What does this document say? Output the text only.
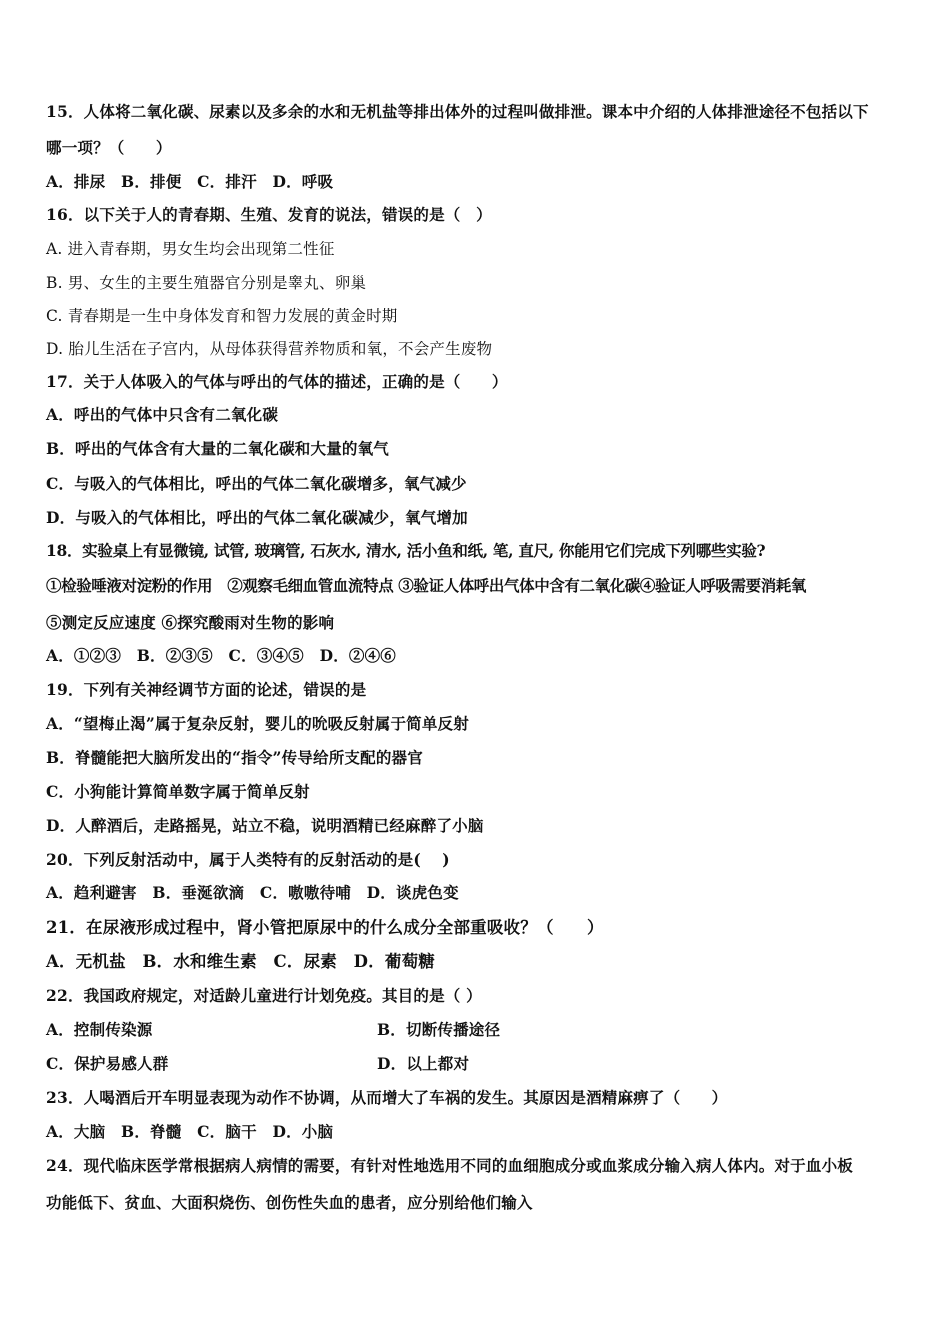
15．人体将二氧化碳、尿素以及多余的水和无机盐等排出体外的过程叫做排泄。课本中介绍的人体排泄途径不包括以下
哪一项？（　　）
A．排尿　B．排便　C．排汗　D．呼吸
16．以下关于人的青春期、生殖、发育的说法，错误的是（　）
A. 进入青春期，男女生均会出现第二性征
B. 男、女生的主要生殖器官分别是睾丸、卵巢
C. 青春期是一生中身体发育和智力发展的黄金时期
D. 胎儿生活在子宫内，从母体获得营养物质和氧，不会产生废物
17．关于人体吸入的气体与呼出的气体的描述，正确的是（　　）
A．呼出的气体中只含有二氧化碳
B．呼出的气体含有大量的二氧化碳和大量的氧气
C．与吸入的气体相比，呼出的气体二氧化碳增多，氧气减少
D．与吸入的气体相比，呼出的气体二氧化碳减少，氧气增加
18．实验桌上有显微镜, 试管, 玻璃管, 石灰水, 清水, 活小鱼和纸, 笔, 直尺, 你能用它们完成下列哪些实验?
①检验唾液对淀粉的作用　②观察毛细血管血流特点 ③验证人体呼出气体中含有二氧化碳④验证人呼吸需要消耗氧
⑤测定反应速度 ⑥探究酸雨对生物的影响
A．①②③　B．②③⑤　C．③④⑤　D．②④⑥
19．下列有关神经调节方面的论述，错误的是
A．“望梅止渴”属于复杂反射，婴儿的吮吸反射属于简单反射
B．脊髓能把大脑所发出的“指令”传导给所支配的器官
C．小狗能计算简单数字属于简单反射
D．人醉酒后，走路摇晃，站立不稳，说明酒精已经麻醉了小脑
20．下列反射活动中，属于人类特有的反射活动的是(　 )
A．趋利避害　B．垂涎欲滴　C．嗷嗷待哺　D．谈虎色变
21．在尿液形成过程中，肾小管把原尿中的什么成分全部重吸收？（　　）
A．无机盐　B．水和维生素　C．尿素　D．葡萄糖
22．我国政府规定，对适龄儿童进行计划免疫。其目的是（ ）
A．控制传染源	B．切断传播途径
C．保护易感人群	D．以上都对
23．人喝酒后开车明显表现为动作不协调，从而增大了车祸的发生。其原因是酒精麻痹了（　　）
A．大脑　B．脊髓　C．脑干　D．小脑
24．现代临床医学常根据病人病情的需要，有针对性地选用不同的血细胞成分或血浆成分输入病人体内。对于血小板
功能低下、贫血、大面积烧伤、创伤性失血的患者，应分别给他们输入
